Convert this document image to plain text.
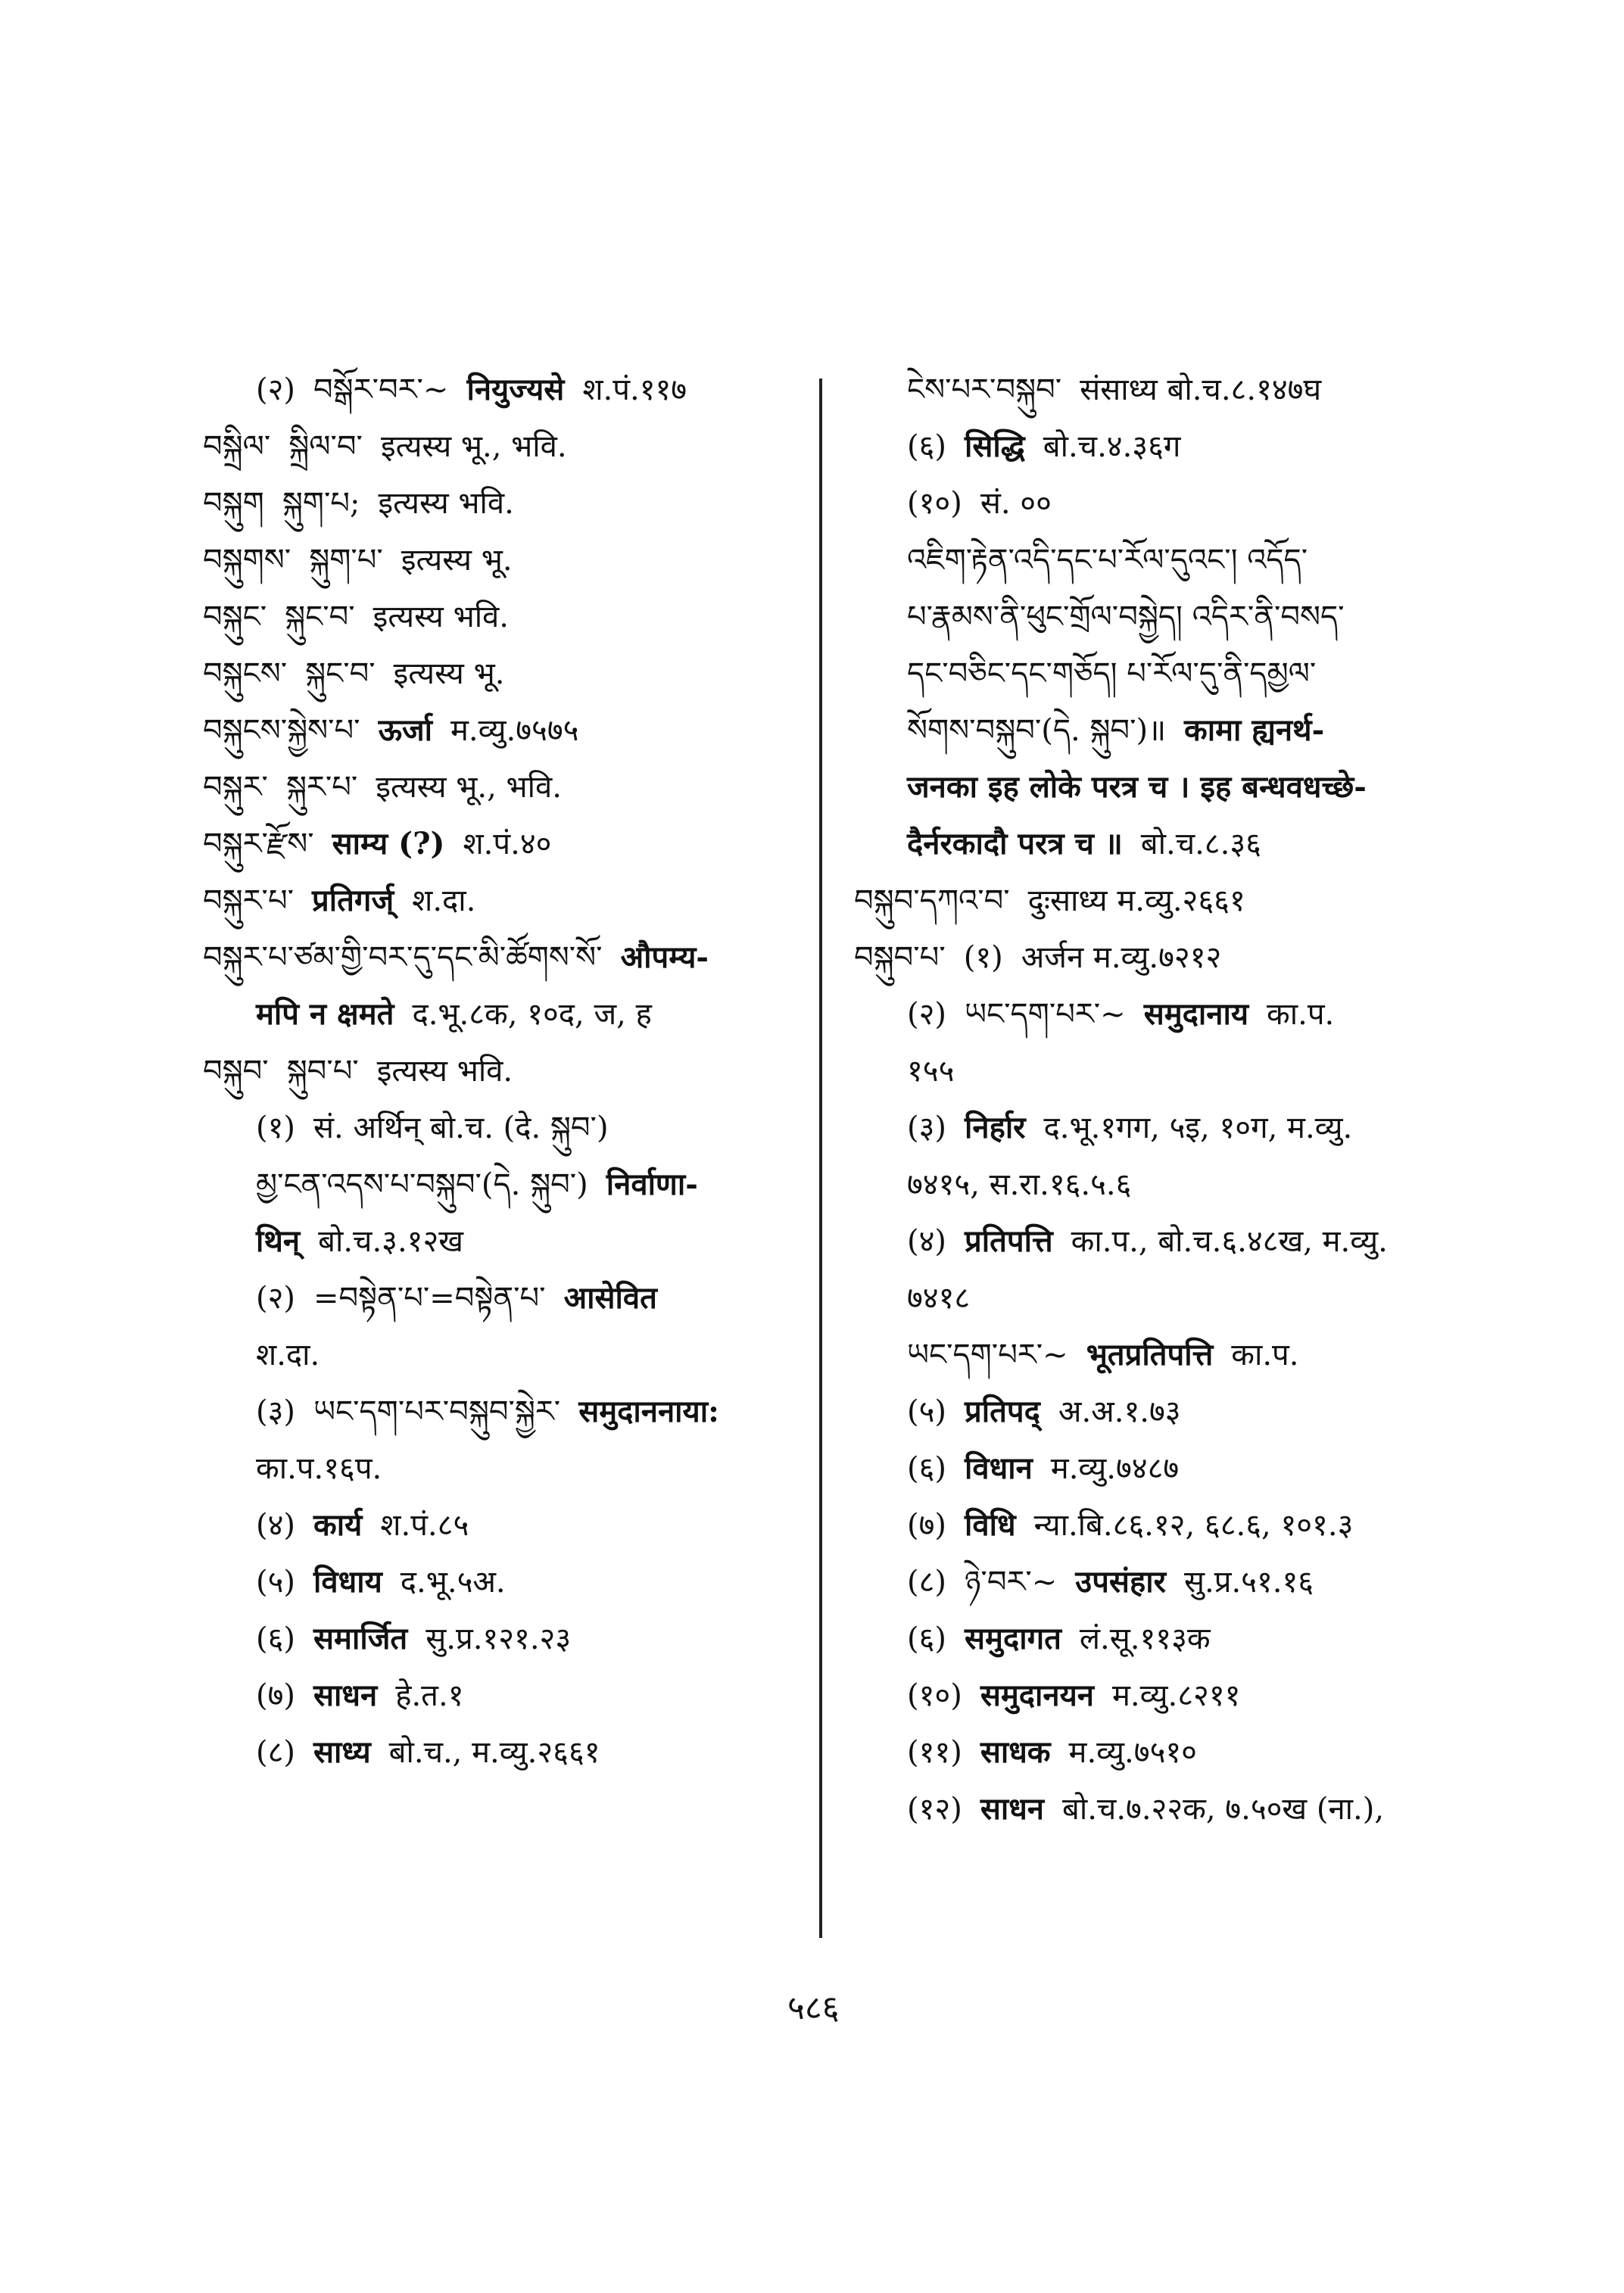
(२) བསྒོར་བར་~ नियुज्यसे श.पं.११७
བསྐྲིལ་ སྐྲིལ་བ་ इत्यस्य भू., भवि.
བསྐུག སྐུག་པ; इत्यस्य भवि.
བསྐུགས་ སྐུག་པ་ इत्यस्य भू.
བསྐུང་ སྐུང་བ་ इत्यस्य भवि.
བསྐུངས་ སྐུང་བ་ इत्यस्य भू.
བསྐུངས་སྐྱེས་པ་ ऊर्जा म.व्यु.७५७५
བསྐུར་ སྐུར་པ་ इत्यस्य भू., भवि.
བསྐུར་རྫོས་ साम्य (?) श.पं.४०
བསྐུར་པ་ प्रतिगर्ज् श.दा.
བསྐུར་པ་ཙམ་གྱི་བར་དུ་དང་མི་ཚོགས་སོ་ औपम्य-
मपि न क्षमते द.भू.८क, १०द, ज, ह
བསྐུབ་ སྐུབ་པ་ इत्यस्य भवि.
(१) सं. अर्थिन् बो.च. (दे. སྐུབ་)
མྱ་ངན་འདས་པ་བསྐུབ་(དེ. སྐུབ་) निर्वाणा-
थिन् बो.च.३.१२ख
(२) =བསྟེན་པ་=བསྟེན་པ་ आसेवित
श.दा.
(३) ཡང་དག་པར་བསྐུབ་སྐྱེར་ समुदाननाया:
का.प.१६प.
(४) कार्य श.पं.८५
(५) विधाय द.भू.५अ.
(६) समार्जित सु.प्र.१२१.२३
(७) साधन हे.त.१
(८) साध्य बो.च., म.व्यु.२६६१
ངེས་པར་བསྐུབ་ संसाध्य बो.च.८.१४७घ
(६) सिद्धि बो.च.४.३६ग
(१०) सं. ००
འཇིག་རྟེན་འདི་དང་པ་རོལ་དུའང་། འདོད་
པ་རྣམས་ནི་ཕུང་གྲོལ་བསྐྱེད། འདིར་ནི་བསད་
དང་བཅིང་དང་གཅོད། པ་རོལ་དུ་ནི་དམྱལ་
སོགས་བསྐུབ་(དེ. སྐུབ་)॥ कामा ह्यनर्थ-
जनका इह लोके परत्र च । इह बन्धवधच्छे-
दैर्नरकादौ परत्र च ॥ बो.च.८.३६
བསྐུབ་དཀའ་བ་ दुःसाध्य म.व्यु.२६६१
བསྐུབ་པ་ (१) अर्जन म.व्यु.७२१२
(२) ཡང་དག་པར་~ समुदानाय का.प.
१५५
(३) निर्हार द.भू.१गग, ५इ, १०ग, म.व्यु.
७४१५, स.रा.१६.५.६
(४) प्रतिपत्ति का.प., बो.च.६.४८ख, म.व्यु.
७४१८
ཡང་དག་པར་~ भूतप्रतिपत्ति का.प.
(५) प्रतिपद् अ.अ.१.७३
(६) विधान म.व्यु.७४८७
(७) विधि न्या.बि.८६.१२, ६८.६, १०१.३
(८) ཉེ་བར་~ उपसंहार सु.प्र.५१.१६
(६) समुदागत लं.सू.११३क
(१०) समुदानयन म.व्यु.८२११
(११) साधक म.व्यु.७५१०
(१२) साधन बो.च.७.२२क, ७.५०ख (ना.),
५८६
